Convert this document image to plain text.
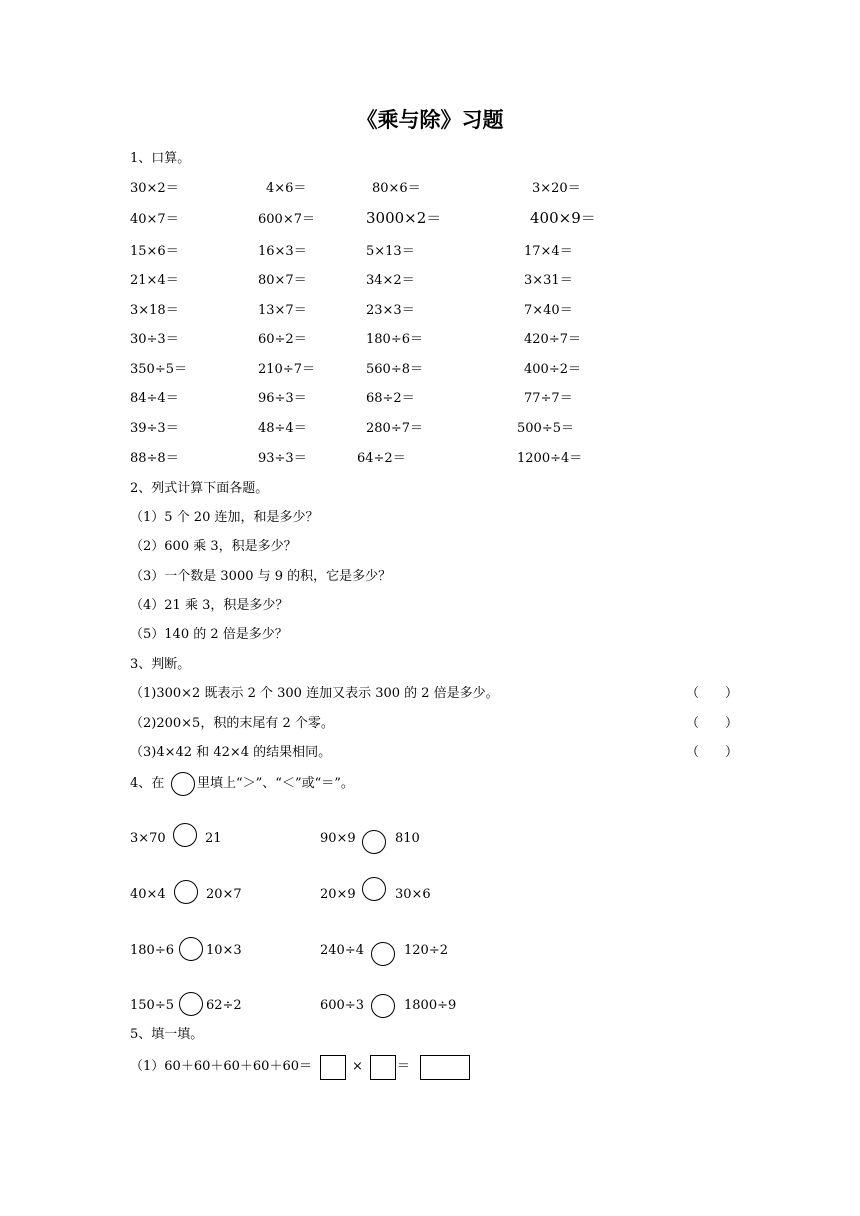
《乘与除》习题
1、口算。
30×2＝	4×6＝	80×6＝	3×20＝
40×7＝	600×7＝	3000×2＝	400×9＝
15×6＝	16×3＝	5×13＝	17×4＝
21×4＝	80×7＝	34×2＝	3×31＝
3×18＝	13×7＝	23×3＝	7×40＝
30÷3＝	60÷2＝	180÷6＝	420÷7＝
350÷5＝	210÷7＝	560÷8＝	400÷2＝
84÷4＝	96÷3＝	68÷2＝	77÷7＝
39÷3＝	48÷4＝	280÷7＝	500÷5＝
88÷8＝	93÷3＝	64÷2＝	1200÷4＝
2、列式计算下面各题。
（1）5 个 20 连加，和是多少？
（2）600 乘 3，积是多少？
（3）一个数是 3000 与 9 的积，它是多少？
（4）21 乘 3，积是多少？
（5）140 的 2 倍是多少？
3、判断。
（1)300×2 既表示 2 个 300 连加又表示 300 的 2 倍是多少。	（　　）
（2)200×5，积的末尾有 2 个零。	（　　）
（3)4×42 和 42×4 的结果相同。	（　　）
4、在	里填上“＞”、“＜”或“＝”。
3×70	21	90×9	810
40×4	20×7	20×9	30×6
180÷6 10×3	240÷4	120÷2
150÷5 62÷2	600÷3	1800÷9
5、填一填。
（1）60＋60＋60＋60＋60＝	×	＝
